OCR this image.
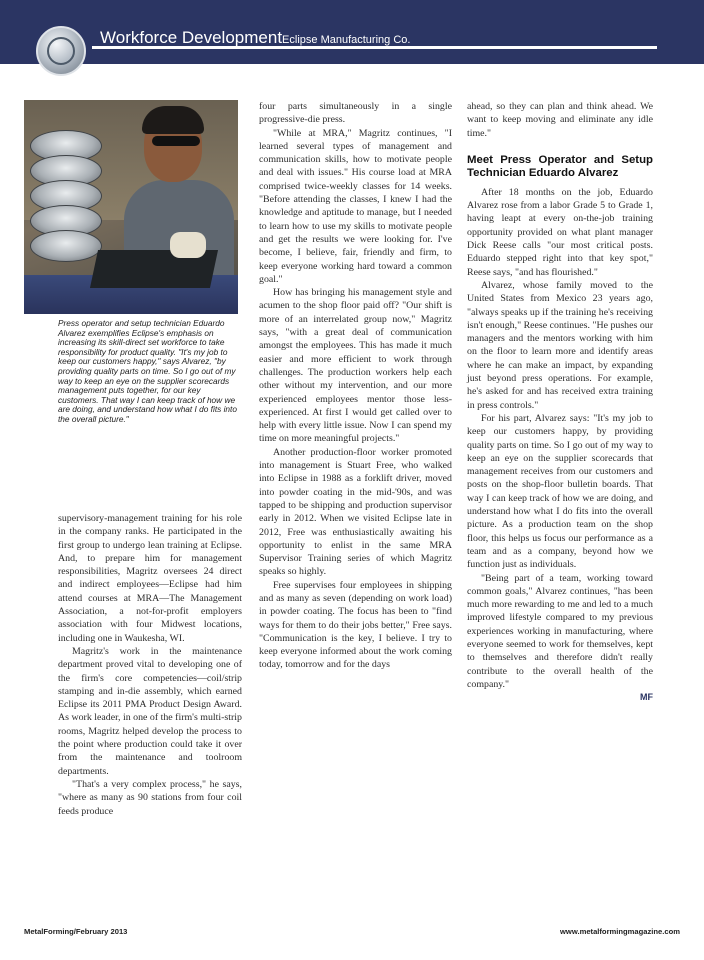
Workforce DevelopmentEclipse Manufacturing Co.

Press operator and setup technician Eduardo Alvarez exemplifies Eclipse's emphasis on increasing its skill-direct set workforce to take responsibility for product quality. "It's my job to keep our customers happy," says Alvarez, "by providing quality parts on time. So I go out of my way to keep an eye on the supplier scorecards management puts together, for our key customers. That way I can keep track of how we are doing, and understand how what I do fits into the overall picture."

supervisory-management training for his role in the company ranks. He participated in the first group to undergo lean training at Eclipse. And, to prepare him for management responsibilities, Magritz oversees 24 direct and indirect employees—Eclipse had him attend courses at MRA—The Management Association, a not-for-profit employers association with four Midwest locations, including one in Waukesha, WI.

Magritz's work in the maintenance department proved vital to developing one of the firm's core competencies—coil/strip stamping and in-die assembly, which earned Eclipse its 2011 PMA Product Design Award. As work leader, in one of the firm's multi-strip rooms, Magritz helped develop the process to the point where production could take it over from the maintenance and toolroom departments.

"That's a very complex process," he says, "where as many as 90 stations from four coil feeds produce

four parts simultaneously in a single progressive-die press.

"While at MRA," Magritz continues, "I learned several types of management and communication skills, how to motivate people and deal with issues." His course load at MRA comprised twice-weekly classes for 14 weeks. "Before attending the classes, I knew I had the knowledge and aptitude to manage, but I needed to learn how to use my skills to motivate people and get the results we were looking for. I've become, I believe, fair, friendly and firm, to keep everyone working hard toward a common goal."

How has bringing his management style and acumen to the shop floor paid off? "Our shift is more of an interrelated group now," Magritz says, "with a great deal of communication amongst the employees. This has made it much easier and more efficient to work through challenges. The production workers help each other without my intervention, and our more experienced employees mentor those less-experienced. At first I would get called over to help with every little issue. Now I can spend my time on more meaningful projects."

Another production-floor worker promoted into management is Stuart Free, who walked into Eclipse in 1988 as a forklift driver, moved into powder coating in the mid-'90s, and was tapped to be shipping and production supervisor early in 2012. When we visited Eclipse late in 2012, Free was enthusiastically awaiting his opportunity to enlist in the same MRA Supervisor Training series of which Magritz speaks so highly.

Free supervises four employees in shipping and as many as seven (depending on work load) in powder coating. The focus has been to "find ways for them to do their jobs better," Free says. "Communication is the key, I believe. I try to keep everyone informed about the work coming today, tomorrow and for the days

ahead, so they can plan and think ahead. We want to keep moving and eliminate any idle time."

Meet Press Operator and Setup Technician Eduardo Alvarez

After 18 months on the job, Eduardo Alvarez rose from a labor Grade 5 to Grade 1, having leapt at every on-the-job training opportunity provided on what plant manager Dick Reese calls "our most critical posts. Eduardo stepped right into that key spot," Reese says, "and has flourished."

Alvarez, whose family moved to the United States from Mexico 23 years ago, "always speaks up if the training he's receiving isn't enough," Reese continues. "He pushes our managers and the mentors working with him on the floor to learn more and identify areas where he can make an impact, by expanding just beyond press operations. For example, he's asked for and has received extra training in press controls."

For his part, Alvarez says: "It's my job to keep our customers happy, by providing quality parts on time. So I go out of my way to keep an eye on the supplier scorecards that management receives from our customers and posts on the shop-floor bulletin boards. That way I can keep track of how we are doing, and understand how what I do fits into the overall picture. As a production team on the shop floor, this helps us focus our performance as a team and as a company, beyond how we function just as individuals.

"Being part of a team, working toward common goals," Alvarez continues, "has been much more rewarding to me and led to a much improved lifestyle compared to my previous experiences working in manufacturing, where everyone seemed to work for themselves, kept to themselves and therefore didn't really contribute to the overall health of the company."

MF

MetalForming/February 2013	www.metalformingmagazine.com
